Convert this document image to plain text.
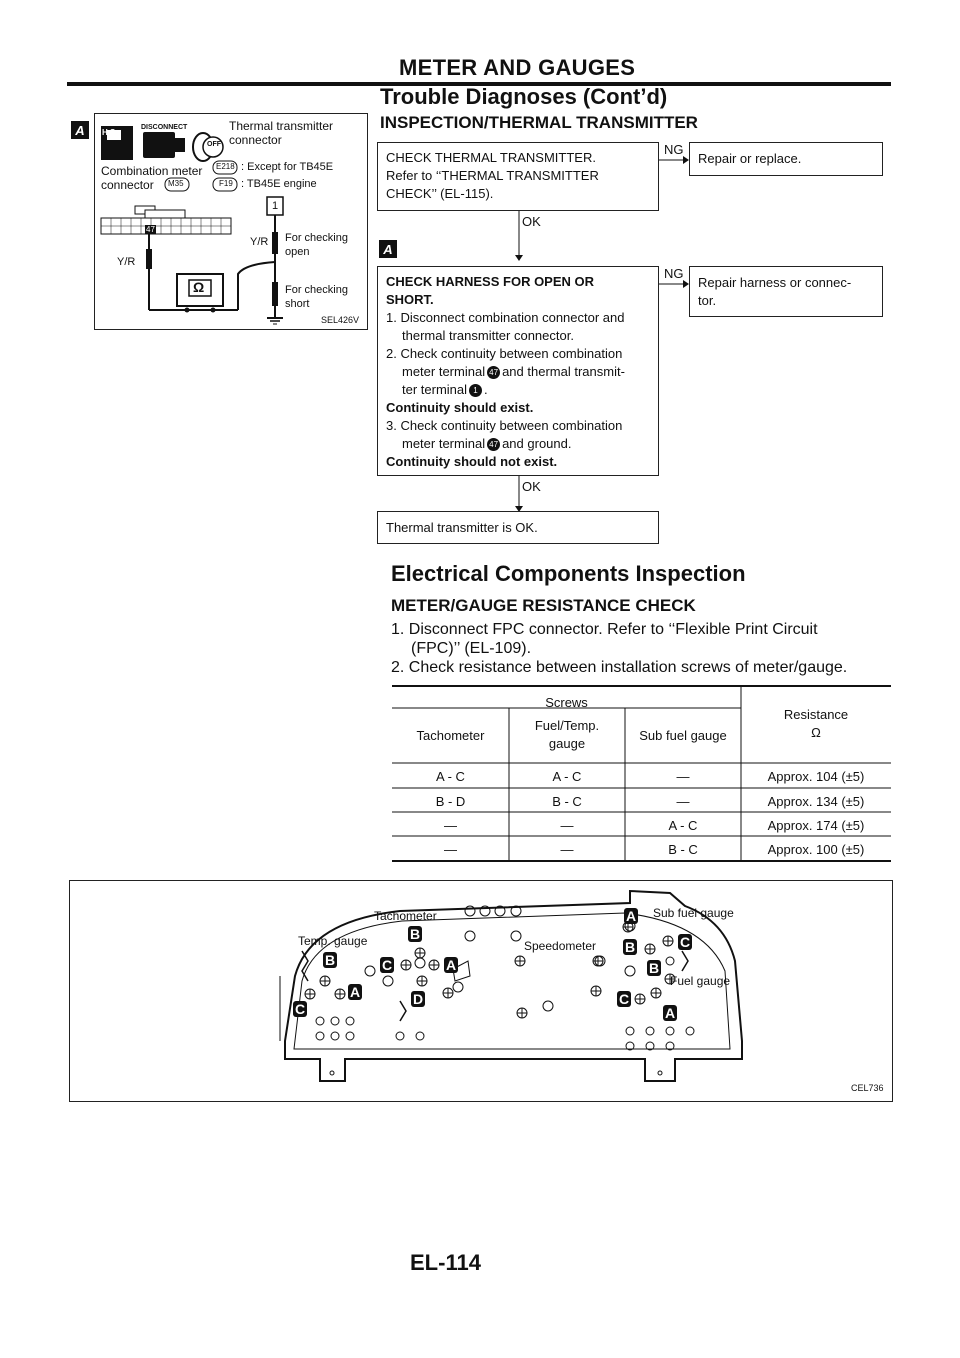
METER AND GAUGES
Trouble Diagnoses (Cont’d)
A	H.S.
DISCONNECT
OFF
Thermal transmitter
connector
Combination meter
connector M35
E218
F19
: Except for TB45E
: TB45E engine
1
47
Y/R
Y/R For checking
open
For checking
short
Ω
SEL426V
INSPECTION/THERMAL TRANSMITTER
CHECK THERMAL TRANSMITTER.
Refer to ‘‘THERMAL TRANSMITTER
CHECK’’ (EL-115).
NG
Repair or replace.
OK
A
CHECK HARNESS FOR OPEN OR
SHORT.
1. Disconnect combination connector and
thermal transmitter connector.
2. Check continuity between combination
meter terminal 47 and thermal transmit-
ter terminal 1 .
Continuity should exist.
3. Check continuity between combination
meter terminal 47 and ground.
Continuity should not exist.
NG
Repair harness or connec-
tor.
OK
Thermal transmitter is OK.
Electrical Components Inspection
METER/GAUGE RESISTANCE CHECK
1. Disconnect FPC connector. Refer to ‘‘Flexible Print Circuit
(FPC)’’ (EL-109).
2. Check resistance between installation screws of meter/gauge.
Screws
Resistance
Ω
Tachometer
Fuel/Temp.
gauge
Sub fuel gauge
A - C	A - C	—	Approx. 104 (±5)
B - D	B - C	—	Approx. 134 (±5)
—	—	A - C	Approx. 174 (±5)
—	—	B - C	Approx. 100 (±5)
Tachometer	Sub fuel gauge
Temp. gauge	Speedometer
Fuel gauge
B
A
C
B
C	A
D
A
B	C
B
C
A
CEL736
EL-114
